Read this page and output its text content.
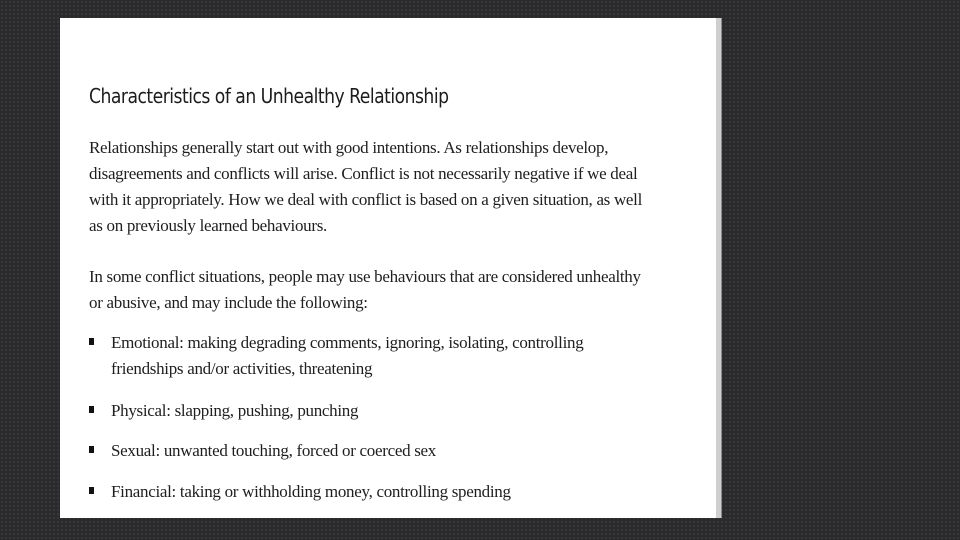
Characteristics of an Unhealthy Relationship

Relationships generally start out with good intentions. As relationships develop, disagreements and conflicts will arise. Conflict is not necessarily negative if we deal with it appropriately. How we deal with conflict is based on a given situation, as well as on previously learned behaviours.

In some conflict situations, people may use behaviours that are considered unhealthy or abusive, and may include the following:

Emotional: making degrading comments, ignoring, isolating, controlling friendships and/or activities, threatening
Physical: slapping, pushing, punching
Sexual: unwanted touching, forced or coerced sex
Financial: taking or withholding money, controlling spending
